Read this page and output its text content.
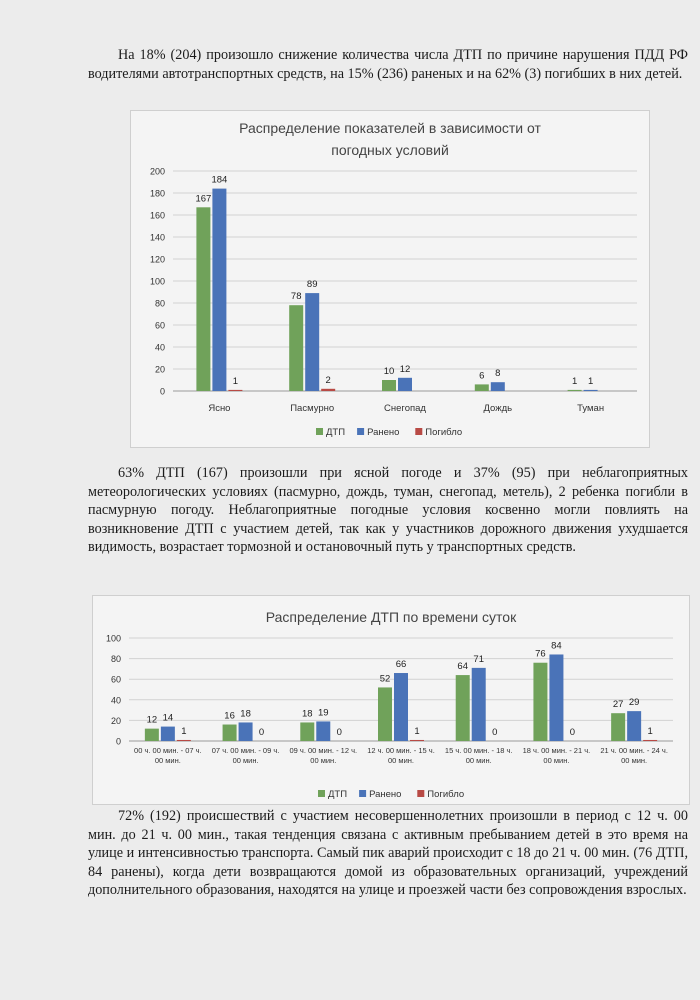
На 18% (204) произошло снижение количества числа ДТП по причине нарушения ПДД РФ водителями автотранспортных средств, на 15% (236) раненых и на 62% (3) погибших в них детей.

Распределение показателей в зависимости от
погодных условий
0
20
40
60
80
100
120
140
160
180
200
167
184
1
Ясно
78
89
2
Пасмурно
10 12
Снегопад
6 8
Дождь
1 1
Туман
ДТП Ранено	Погибло

63% ДТП (167) произошли при ясной погоде и 37% (95) при неблагоприятных метеорологических условиях (пасмурно, дождь, туман, снегопад, метель), 2 ребенка погибли в пасмурную погоду. Неблагоприятные погодные условия косвенно могли повлиять на возникновение ДТП с участием детей, так как у участников дорожного движения ухудшается видимость, возрастает тормозной и остановочный путь у транспортных средств.

Распределение ДТП по времени суток
0
20
40
60
80
100
12 14
1
00 ч. 00 мин. - 07 ч.
00 мин.
16 18
0
07 ч. 00 мин. - 09 ч.
00 мин.
18 19
0
09 ч. 00 мин. - 12 ч.
00 мин.
52
66
1
12 ч. 00 мин. - 15 ч.
00 мин.
64
71
0
15 ч. 00 мин. - 18 ч.
00 мин.
76
84
0
18 ч. 00 мин. - 21 ч.
00 мин.
27 29
1
21 ч. 00 мин. - 24 ч.
00 мин.
ДТП Ранено	Погибло

72% (192) происшествий с участием несовершеннолетних произошли в период с 12 ч. 00 мин. до 21 ч. 00 мин., такая тенденция связана с активным пребыванием детей в это время на улице и интенсивностью транспорта. Самый пик аварий происходит с 18 до 21 ч. 00 мин. (76 ДТП, 84 ранены), когда дети возвращаются домой из образовательных организаций, учреждений дополнительного образования, находятся на улице и проезжей части без сопровождения взрослых.
